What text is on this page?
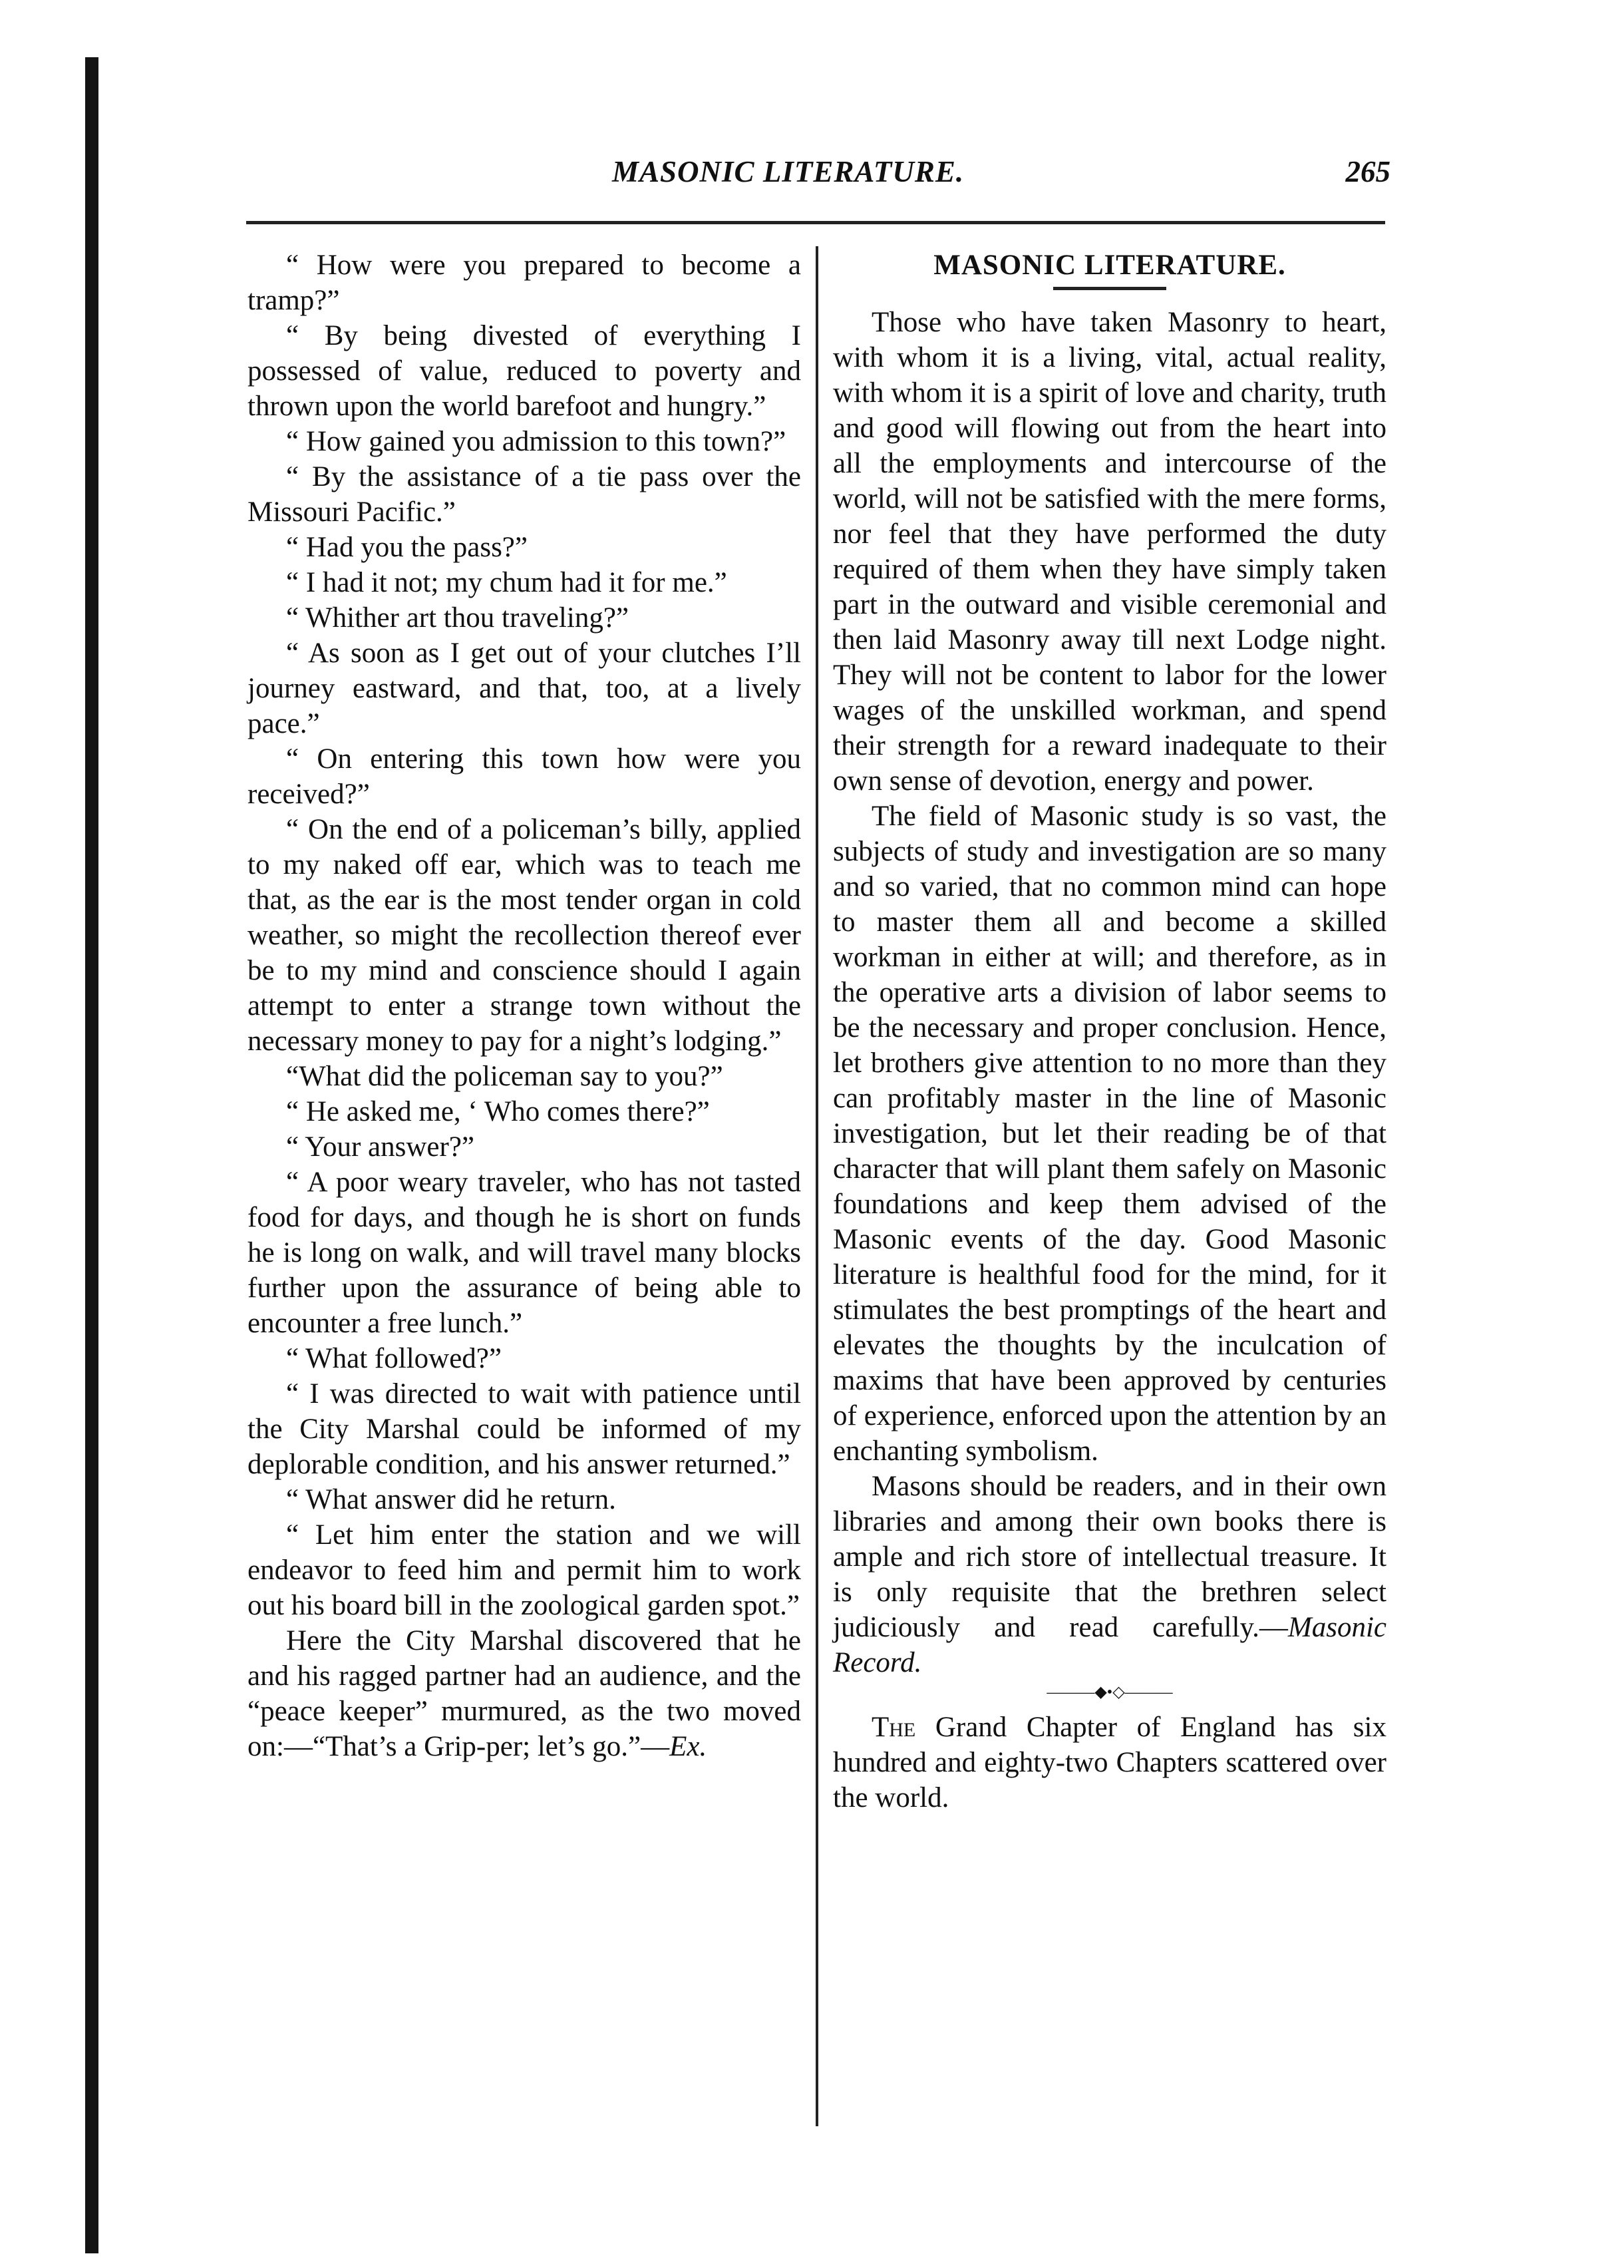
MASONIC LITERATURE.	265

“ How were you prepared to become a tramp?”

“ By being divested of everything I possessed of value, reduced to poverty and thrown upon the world barefoot and hungry.”

“ How gained you admission to this town?”

“ By the assistance of a tie pass over the Missouri Pacific.”

“ Had you the pass?”

“ I had it not; my chum had it for me.”

“ Whither art thou traveling?”

“ As soon as I get out of your clutches I’ll journey eastward, and that, too, at a lively pace.”

“ On entering this town how were you received?”

“ On the end of a policeman’s billy, applied to my naked off ear, which was to teach me that, as the ear is the most tender organ in cold weather, so might the recollection thereof ever be to my mind and conscience should I again attempt to enter a strange town without the necessary money to pay for a night’s lodging.”

“What did the policeman say to you?”

“ He asked me, ‘ Who comes there?”

“ Your answer?”

“ A poor weary traveler, who has not tasted food for days, and though he is short on funds he is long on walk, and will travel many blocks further upon the assurance of being able to encounter a free lunch.”

“ What followed?”

“ I was directed to wait with patience until the City Marshal could be informed of my deplorable condition, and his answer returned.”

“ What answer did he return.

“ Let him enter the station and we will endeavor to feed him and permit him to work out his board bill in the zoological garden spot.”

Here the City Marshal discovered that he and his ragged partner had an audience, and the “peace keeper” murmured, as the two moved on:—“That’s a Grip-per; let’s go.”—Ex.

MASONIC LITERATURE.

Those who have taken Masonry to heart, with whom it is a living, vital, actual reality, with whom it is a spirit of love and charity, truth and good will flowing out from the heart into all the employments and intercourse of the world, will not be satisfied with the mere forms, nor feel that they have performed the duty required of them when they have simply taken part in the outward and visible ceremonial and then laid Masonry away till next Lodge night. They will not be content to labor for the lower wages of the unskilled workman, and spend their strength for a reward inadequate to their own sense of devotion, energy and power.

The field of Masonic study is so vast, the subjects of study and investigation are so many and so varied, that no common mind can hope to master them all and become a skilled workman in either at will; and therefore, as in the operative arts a division of labor seems to be the necessary and proper conclusion. Hence, let brothers give attention to no more than they can profitably master in the line of Masonic investigation, but let their reading be of that character that will plant them safely on Masonic foundations and keep them advised of the Masonic events of the day. Good Masonic literature is healthful food for the mind, for it stimulates the best promptings of the heart and elevates the thoughts by the inculcation of maxims that have been approved by centuries of experience, enforced upon the attention by an enchanting symbolism.

Masons should be readers, and in their own libraries and among their own books there is ample and rich store of intellectual treasure. It is only requisite that the brethren select judiciously and read carefully.—Masonic Record.

———◆•◇———

The Grand Chapter of England has six hundred and eighty-two Chapters scattered over the world.
